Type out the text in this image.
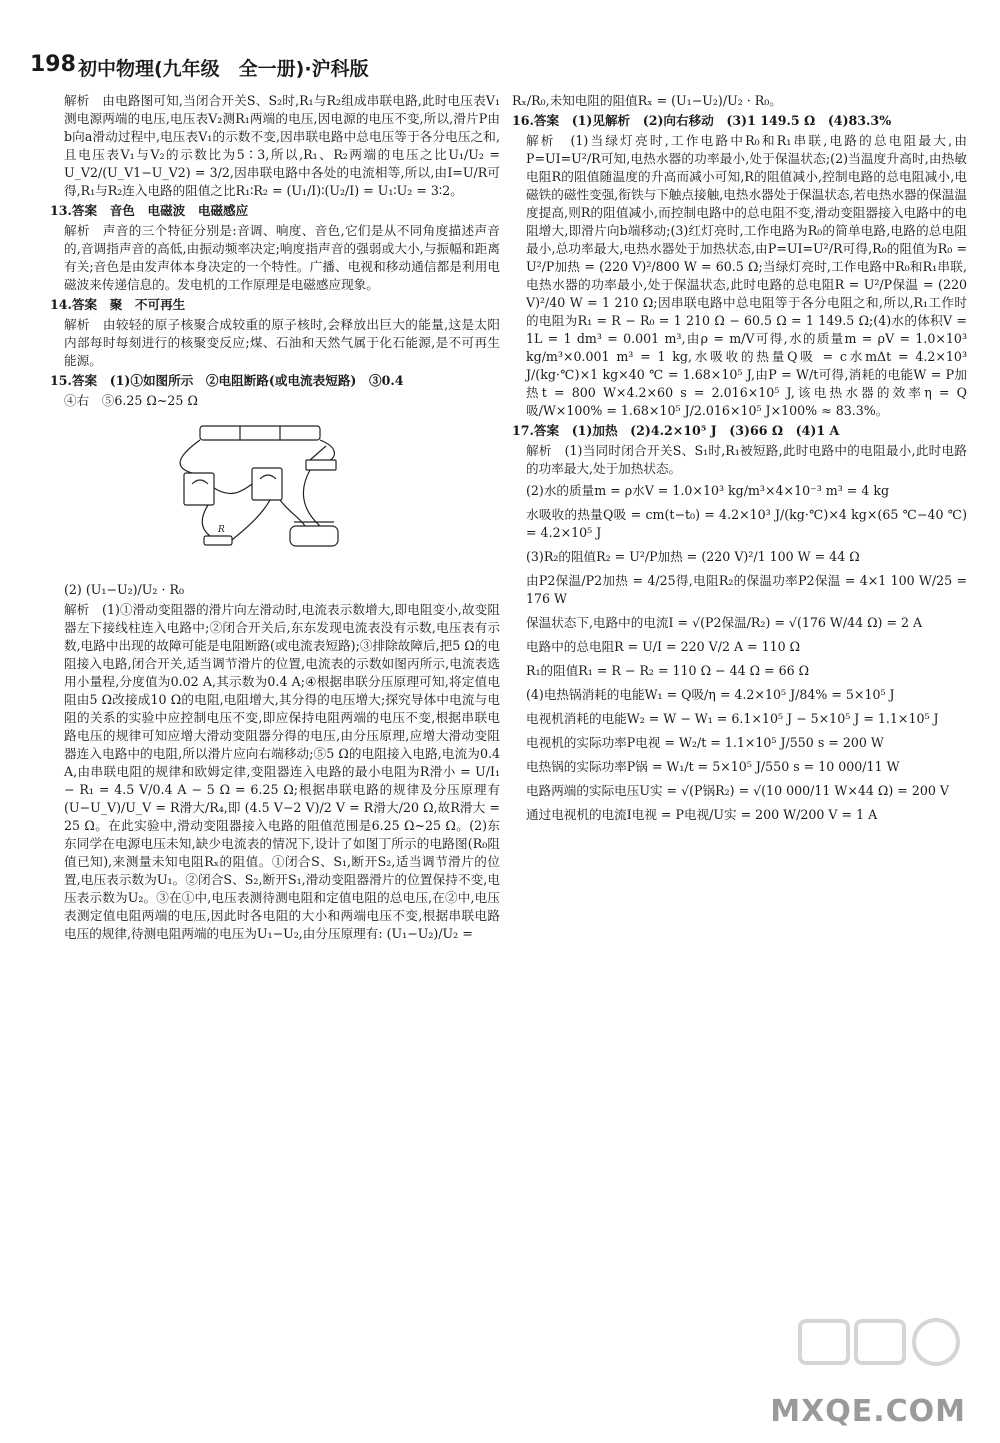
198 初中物理(九年级　全一册)·沪科版

解析　由电路图可知,当闭合开关S、S₂时,R₁与R₂组成串联电路,此时电压表V₁测电源两端的电压,电压表V₂测R₁两端的电压,因电源的电压不变,所以,滑片P由b向a滑动过程中,电压表V₁的示数不变,因串联电路中总电压等于各分电压之和,且电压表V₁与V₂的示数比为5∶3,所以,R₁、R₂两端的电压之比U₁/U₂ = U_V2/(U_V1−U_V2) = 3/2,因串联电路中各处的电流相等,所以,由I=U/R可得,R₁与R₂连入电路的阻值之比R₁∶R₂ = (U₁/I)∶(U₂/I) = U₁∶U₂ = 3∶2。

13.答案　音色　电磁波　电磁感应

解析　声音的三个特征分别是:音调、响度、音色,它们是从不同角度描述声音的,音调指声音的高低,由振动频率决定;响度指声音的强弱或大小,与振幅和距离有关;音色是由发声体本身决定的一个特性。广播、电视和移动通信都是利用电磁波来传递信息的。发电机的工作原理是电磁感应现象。

14.答案　聚　不可再生

解析　由较轻的原子核聚合成较重的原子核时,会释放出巨大的能量,这是太阳内部每时每刻进行的核聚变反应;煤、石油和天然气属于化石能源,是不可再生能源。

15.答案　(1)①如图所示　②电阻断路(或电流表短路)　③0.4

④右　⑤6.25 Ω~25 Ω

R

(2) (U₁−U₂)/U₂ · R₀

解析　(1)①滑动变阻器的滑片向左滑动时,电流表示数增大,即电阻变小,故变阻器左下接线柱连入电路中;②闭合开关后,东东发现电流表没有示数,电压表有示数,电路中出现的故障可能是电阻断路(或电流表短路);③排除故障后,把5 Ω的电阻接入电路,闭合开关,适当调节滑片的位置,电流表的示数如图丙所示,电流表选用小量程,分度值为0.02 A,其示数为0.4 A;④根据串联分压原理可知,将定值电阻由5 Ω改接成10 Ω的电阻,电阻增大,其分得的电压增大;探究导体中电流与电阻的关系的实验中应控制电压不变,即应保持电阻两端的电压不变,根据串联电路电压的规律可知应增大滑动变阻器分得的电压,由分压原理,应增大滑动变阻器连入电路中的电阻,所以滑片应向右端移动;⑤5 Ω的电阻接入电路,电流为0.4 A,由串联电阻的规律和欧姆定律,变阻器连入电路的最小电阻为R滑小 = U/I₁ − R₁ = 4.5 V/0.4 A − 5 Ω = 6.25 Ω;根据串联电路的规律及分压原理有 (U−U_V)/U_V = R滑大/R₄,即 (4.5 V−2 V)/2 V = R滑大/20 Ω,故R滑大 = 25 Ω。在此实验中,滑动变阻器接入电路的阻值范围是6.25 Ω~25 Ω。(2)东东同学在电源电压未知,缺少电流表的情况下,设计了如图丁所示的电路图(R₀阻值已知),来测量未知电阻Rₓ的阻值。①闭合S、S₁,断开S₂,适当调节滑片的位置,电压表示数为U₁。②闭合S、S₂,断开S₁,滑动变阻器滑片的位置保持不变,电压表示数为U₂。③在①中,电压表测待测电阻和定值电阻的总电压,在②中,电压表测定值电阻两端的电压,因此时各电阻的大小和两端电压不变,根据串联电路电压的规律,待测电阻两端的电压为U₁−U₂,由分压原理有: (U₁−U₂)/U₂ =

Rₓ/R₀,未知电阻的阻值Rₓ = (U₁−U₂)/U₂ · R₀。

16.答案　(1)见解析　(2)向右移动　(3)1 149.5 Ω　(4)83.3%

解析　(1)当绿灯亮时,工作电路中R₀和R₁串联,电路的总电阻最大,由P=UI=U²/R可知,电热水器的功率最小,处于保温状态;(2)当温度升高时,由热敏电阻R的阻值随温度的升高而减小可知,R的阻值减小,控制电路的总电阻减小,电磁铁的磁性变强,衔铁与下触点接触,电热水器处于保温状态,若电热水器的保温温度提高,则R的阻值减小,而控制电路中的总电阻不变,滑动变阻器接入电路中的电阻增大,即滑片向b端移动;(3)红灯亮时,工作电路为R₀的简单电路,电路的总电阻最小,总功率最大,电热水器处于加热状态,由P=UI=U²/R可得,R₀的阻值为R₀ = U²/P加热 = (220 V)²/800 W = 60.5 Ω;当绿灯亮时,工作电路中R₀和R₁串联,电热水器的功率最小,处于保温状态,此时电路的总电阻R = U²/P保温 = (220 V)²/40 W = 1 210 Ω;因串联电路中总电阻等于各分电阻之和,所以,R₁工作时的电阻为R₁ = R − R₀ = 1 210 Ω − 60.5 Ω = 1 149.5 Ω;(4)水的体积V = 1L = 1 dm³ = 0.001 m³,由ρ = m/V可得,水的质量m = ρV = 1.0×10³ kg/m³×0.001 m³ = 1 kg,水吸收的热量Q吸 = c水mΔt = 4.2×10³ J/(kg·℃)×1 kg×40 ℃ = 1.68×10⁵ J,由P = W/t可得,消耗的电能W = P加热t = 800 W×4.2×60 s = 2.016×10⁵ J,该电热水器的效率η = Q吸/W×100% = 1.68×10⁵ J/2.016×10⁵ J×100% ≈ 83.3%。

17.答案　(1)加热　(2)4.2×10⁵ J　(3)66 Ω　(4)1 A

解析　(1)当同时闭合开关S、S₁时,R₁被短路,此时电路中的电阻最小,此时电路的功率最大,处于加热状态。

(2)水的质量m = ρ水V = 1.0×10³ kg/m³×4×10⁻³ m³ = 4 kg

水吸收的热量Q吸 = cm(t−t₀) = 4.2×10³ J/(kg·℃)×4 kg×(65 ℃−40 ℃) = 4.2×10⁵ J

(3)R₂的阻值R₂ = U²/P加热 = (220 V)²/1 100 W = 44 Ω

由P2保温/P2加热 = 4/25得,电阻R₂的保温功率P2保温 = 4×1 100 W/25 = 176 W

保温状态下,电路中的电流I = √(P2保温/R₂) = √(176 W/44 Ω) = 2 A

电路中的总电阻R = U/I = 220 V/2 A = 110 Ω

R₁的阻值R₁ = R − R₂ = 110 Ω − 44 Ω = 66 Ω

(4)电热锅消耗的电能W₁ = Q吸/η = 4.2×10⁵ J/84% = 5×10⁵ J

电视机消耗的电能W₂ = W − W₁ = 6.1×10⁵ J − 5×10⁵ J = 1.1×10⁵ J

电视机的实际功率P电视 = W₂/t = 1.1×10⁵ J/550 s = 200 W

电热锅的实际功率P锅 = W₁/t = 5×10⁵ J/550 s = 10 000/11 W

电路两端的实际电压U实 = √(P锅R₂) = √(10 000/11 W×44 Ω) = 200 V

通过电视机的电流I电视 = P电视/U实 = 200 W/200 V = 1 A

MXQE.COM
